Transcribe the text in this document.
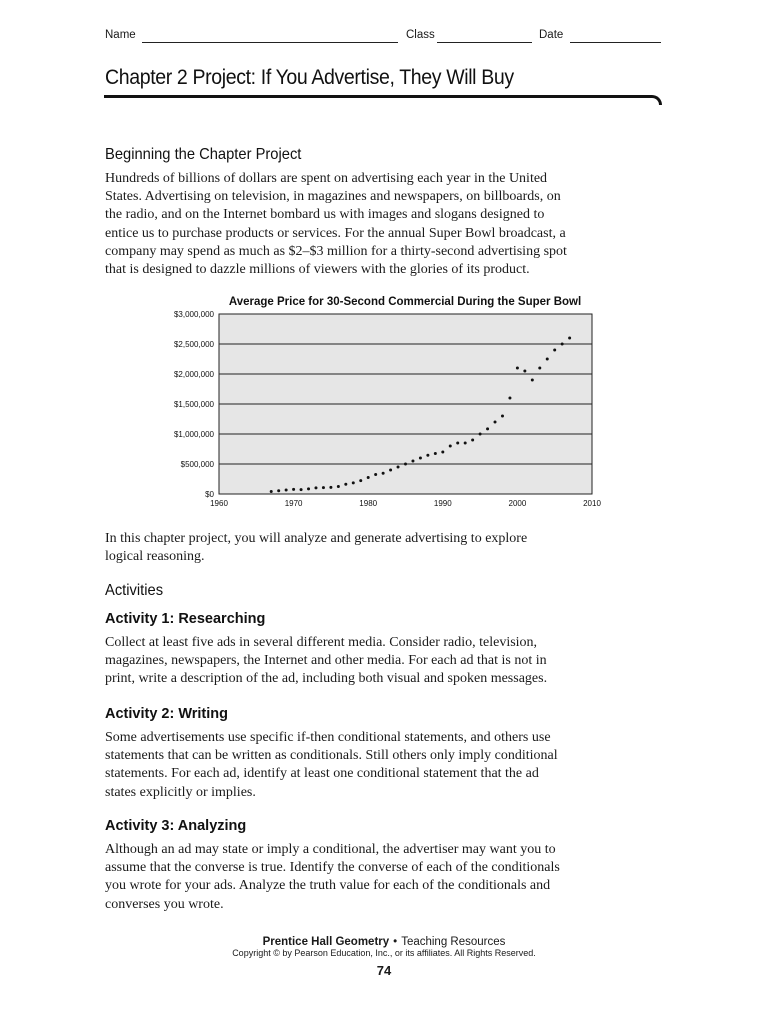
Name	Class	Date
Chapter 2 Project: If You Advertise, They Will Buy
Beginning the Chapter Project
Hundreds of billions of dollars are spent on advertising each year in the United
States. Advertising on television, in magazines and newspapers, on billboards, on
the radio, and on the Internet bombard us with images and slogans designed to
entice us to purchase products or services. For the annual Super Bowl broadcast, a
company may spend as much as $2–$3 million for a thirty-second advertising spot
that is designed to dazzle millions of viewers with the glories of its product.
Average Price for 30-Second Commercial During the Super Bowl
$0
$500,000
$1,000,000
$1,500,000
$2,000,000
$2,500,000
$3,000,000
1960	1970	1980	1990	2000	2010
In this chapter project, you will analyze and generate advertising to explore
logical reasoning.
Activities
Activity 1: Researching
Collect at least five ads in several different media. Consider radio, television,
magazines, newspapers, the Internet and other media. For each ad that is not in
print, write a description of the ad, including both visual and spoken messages.
Activity 2: Writing
Some advertisements use specific if-then conditional statements, and others use
statements that can be written as conditionals. Still others only imply conditional
statements. For each ad, identify at least one conditional statement that the ad
states explicitly or implies.
Activity 3: Analyzing
Although an ad may state or imply a conditional, the advertiser may want you to
assume that the converse is true. Identify the converse of each of the conditionals
you wrote for your ads. Analyze the truth value for each of the conditionals and
converses you wrote.
Prentice Hall Geometry • Teaching Resources
Copyright © by Pearson Education, Inc., or its affiliates. All Rights Reserved.
74
